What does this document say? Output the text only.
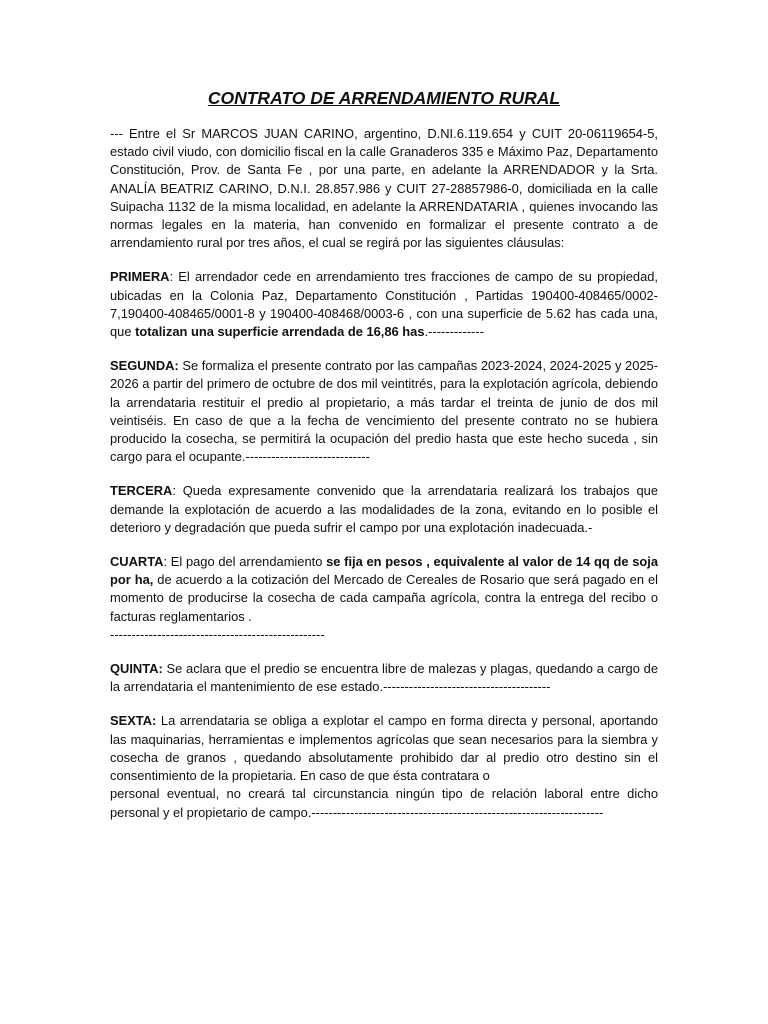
CONTRATO DE ARRENDAMIENTO RURAL

--- Entre el Sr MARCOS JUAN CARINO, argentino, D.NI.6.119.654 y CUIT 20-06119654-5, estado civil viudo, con domicilio fiscal en la calle Granaderos 335 e Máximo Paz, Departamento Constitución, Prov. de Santa Fe , por una parte, en adelante la ARRENDADOR y la Srta. ANALÍA BEATRIZ CARINO, D.N.I. 28.857.986 y CUIT 27-28857986-0, domiciliada en la calle Suipacha 1132 de la misma localidad, en adelante la ARRENDATARIA , quienes invocando las normas legales en la materia, han convenido en formalizar el presente contrato a de arrendamiento rural por tres años, el cual se regirá por las siguientes cláusulas:

PRIMERA: El arrendador cede en arrendamiento tres fracciones de campo de su propiedad, ubicadas en la Colonia Paz, Departamento Constitución , Partidas 190400-408465/0002-7,190400-408465/0001-8 y 190400-408468/0003-6 , con una superficie de 5.62 has cada una, que totalizan una superficie arrendada de 16,86 has.-------------

SEGUNDA: Se formaliza el presente contrato por las campañas 2023-2024, 2024-2025 y 2025-2026 a partir del primero de octubre de dos mil veintitrés, para la explotación agrícola, debiendo la arrendataria restituir el predio al propietario, a más tardar el treinta de junio de dos mil veintiséis. En caso de que a la fecha de vencimiento del presente contrato no se hubiera producido la cosecha, se permitirá la ocupación del predio hasta que este hecho suceda , sin cargo para el ocupante.-----------------------------

TERCERA: Queda expresamente convenido que la arrendataria realizará los trabajos que demande la explotación de acuerdo a las modalidades de la zona, evitando en lo posible el deterioro y degradación que pueda sufrir el campo por una explotación inadecuada.-

CUARTA: El pago del arrendamiento se fija en pesos , equivalente al valor de 14 qq de soja por ha, de acuerdo a la cotización del Mercado de Cereales de Rosario que será pagado en el momento de producirse la cosecha de cada campaña agrícola, contra la entrega del recibo o facturas reglamentarios .
--------------------------------------------------

QUINTA: Se aclara que el predio se encuentra libre de malezas y plagas, quedando a cargo de la arrendataria el mantenimiento de ese estado.---------------------------------------

SEXTA: La arrendataria se obliga a explotar el campo en forma directa y personal, aportando las maquinarias, herramientas e implementos agrícolas que sean necesarios para la siembra y cosecha de granos , quedando absolutamente prohibido dar al predio otro destino sin el consentimiento de la propietaria. En caso de que ésta contratara o
personal eventual, no creará tal circunstancia ningún tipo de relación laboral entre dicho personal y el propietario de campo.--------------------------------------------------------------------
